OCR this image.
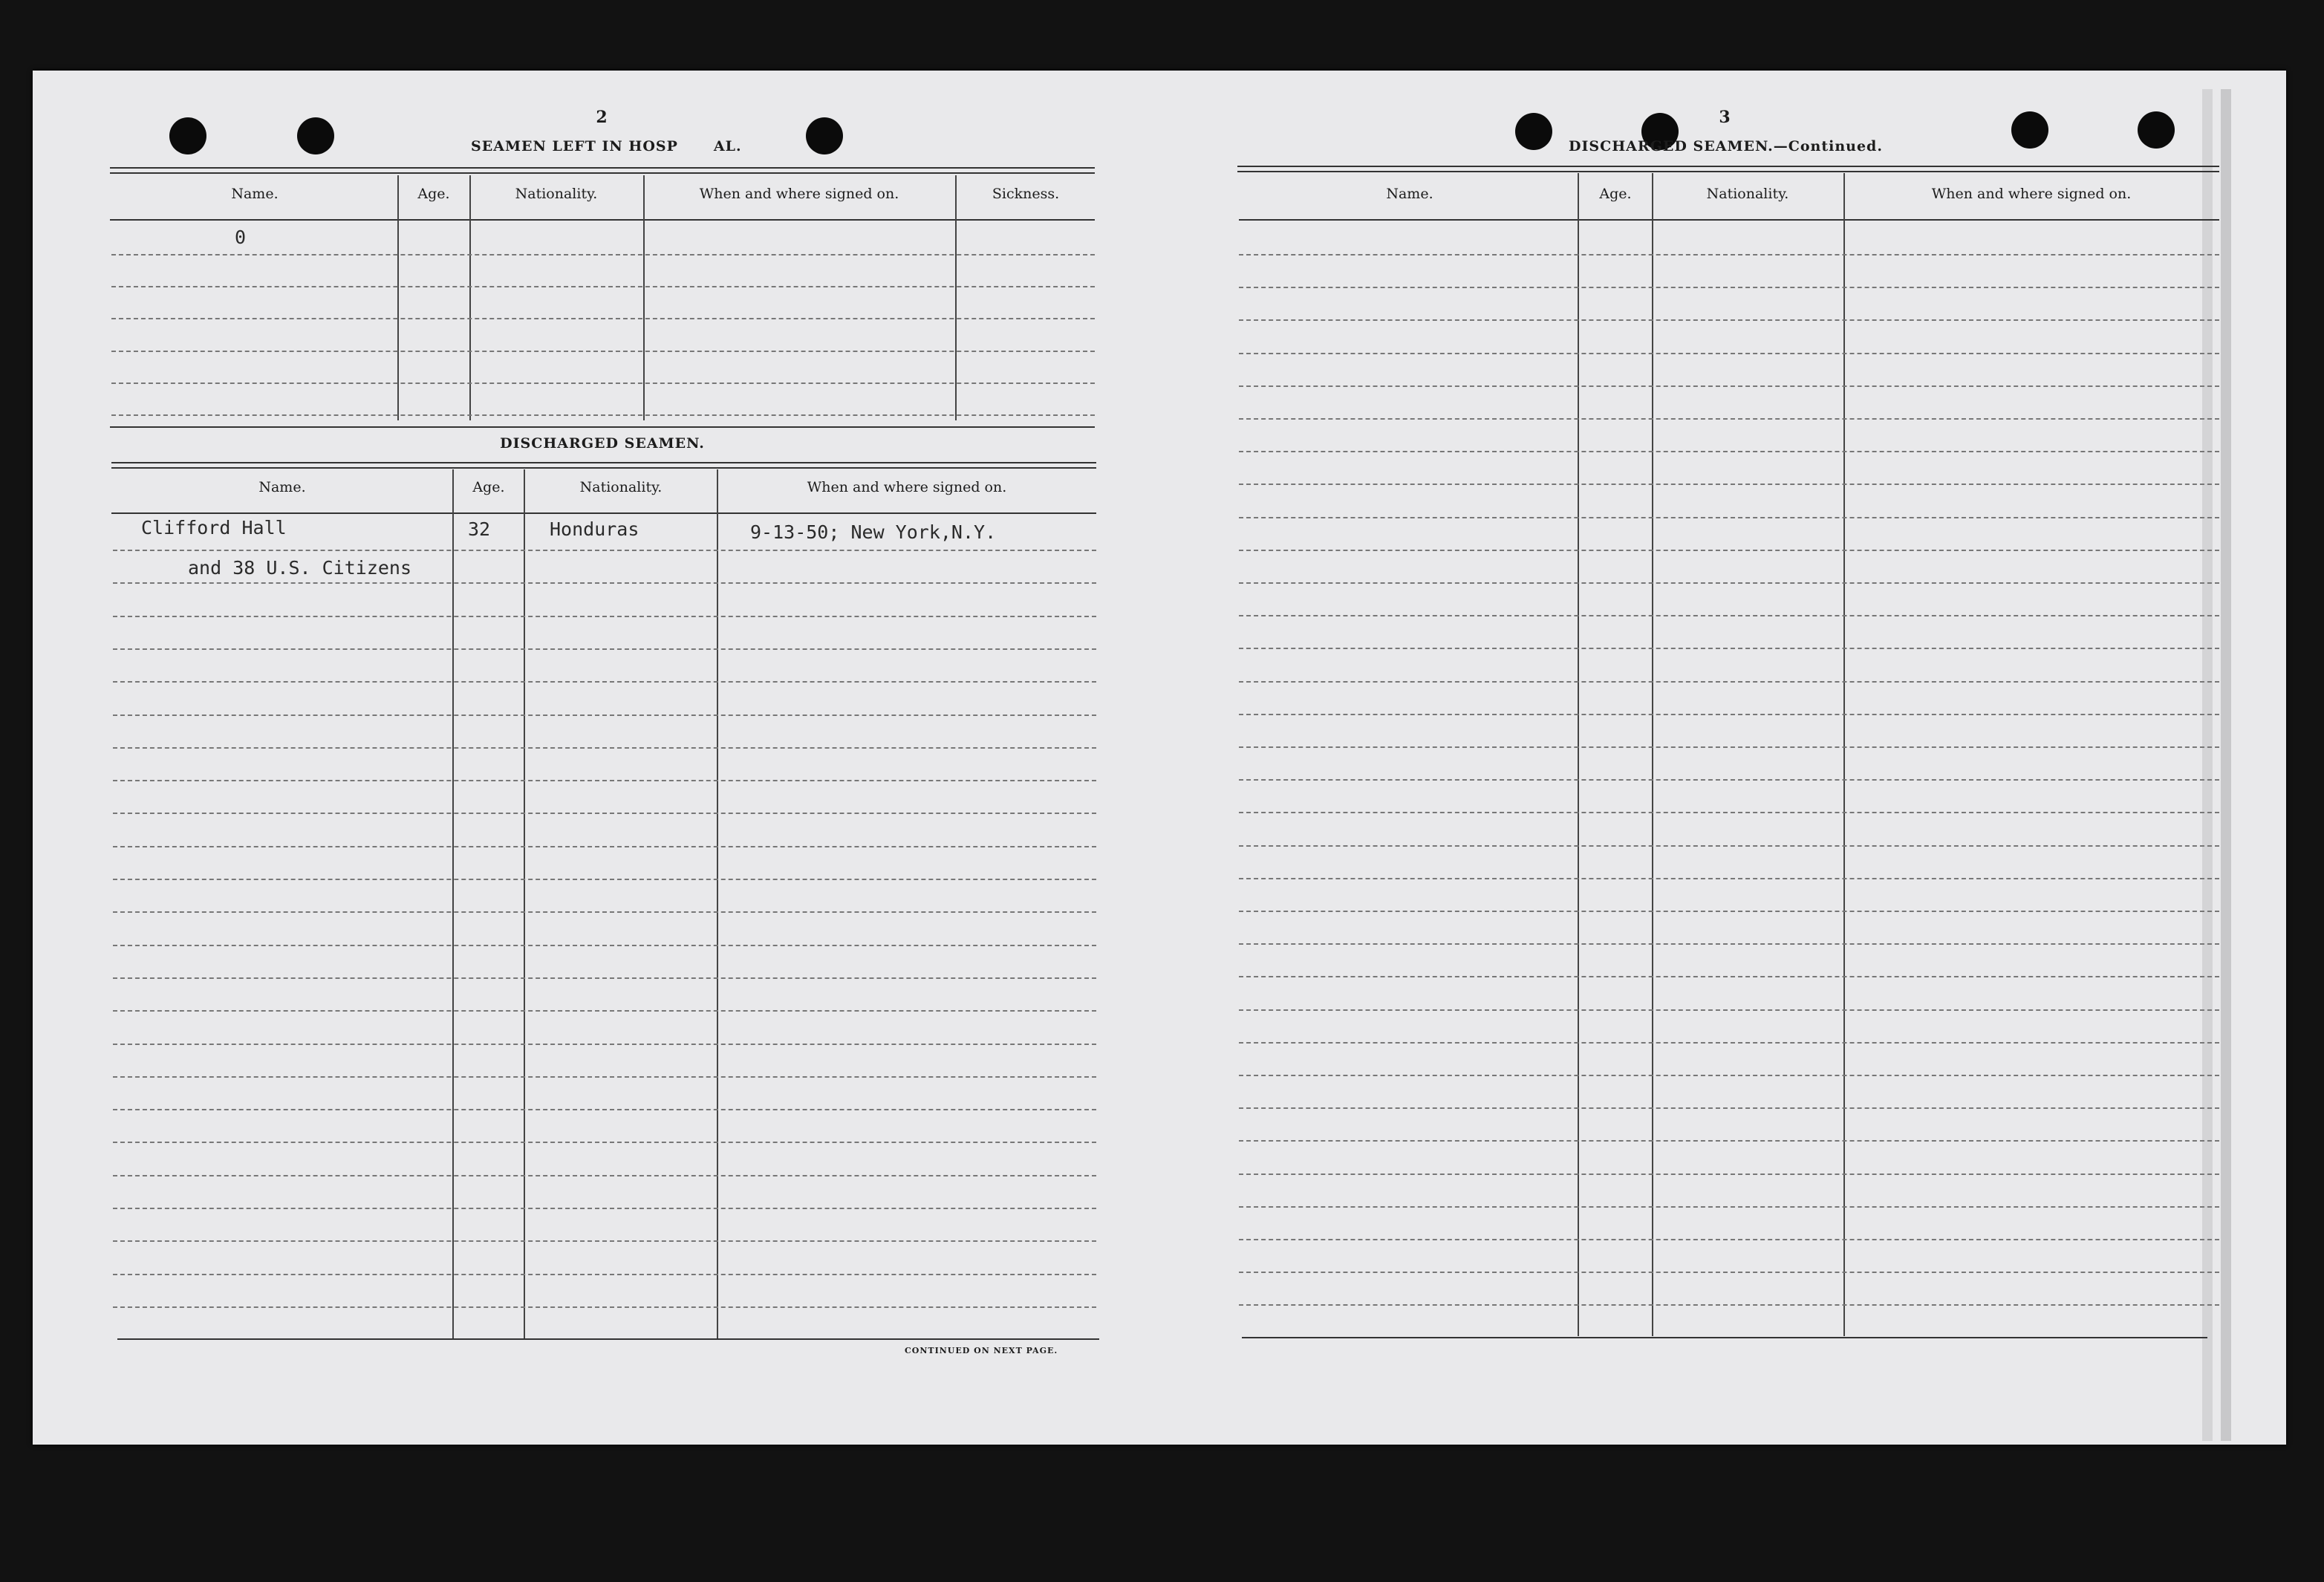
2
SEAMEN LEFT IN HOSP	AL.
Name.	Age.	Nationality.	When and where signed on.	Sickness.
0
DISCHARGED SEAMEN.
Name.	Age.	Nationality.	When and where signed on.
Clifford Hall	32	Honduras	9-13-50; New York,N.Y.
and 38 U.S. Citizens
CONTINUED ON NEXT PAGE.
3
DISCHARGED SEAMEN.—Continued.
Name.	Age.	Nationality.	When and where signed on.
